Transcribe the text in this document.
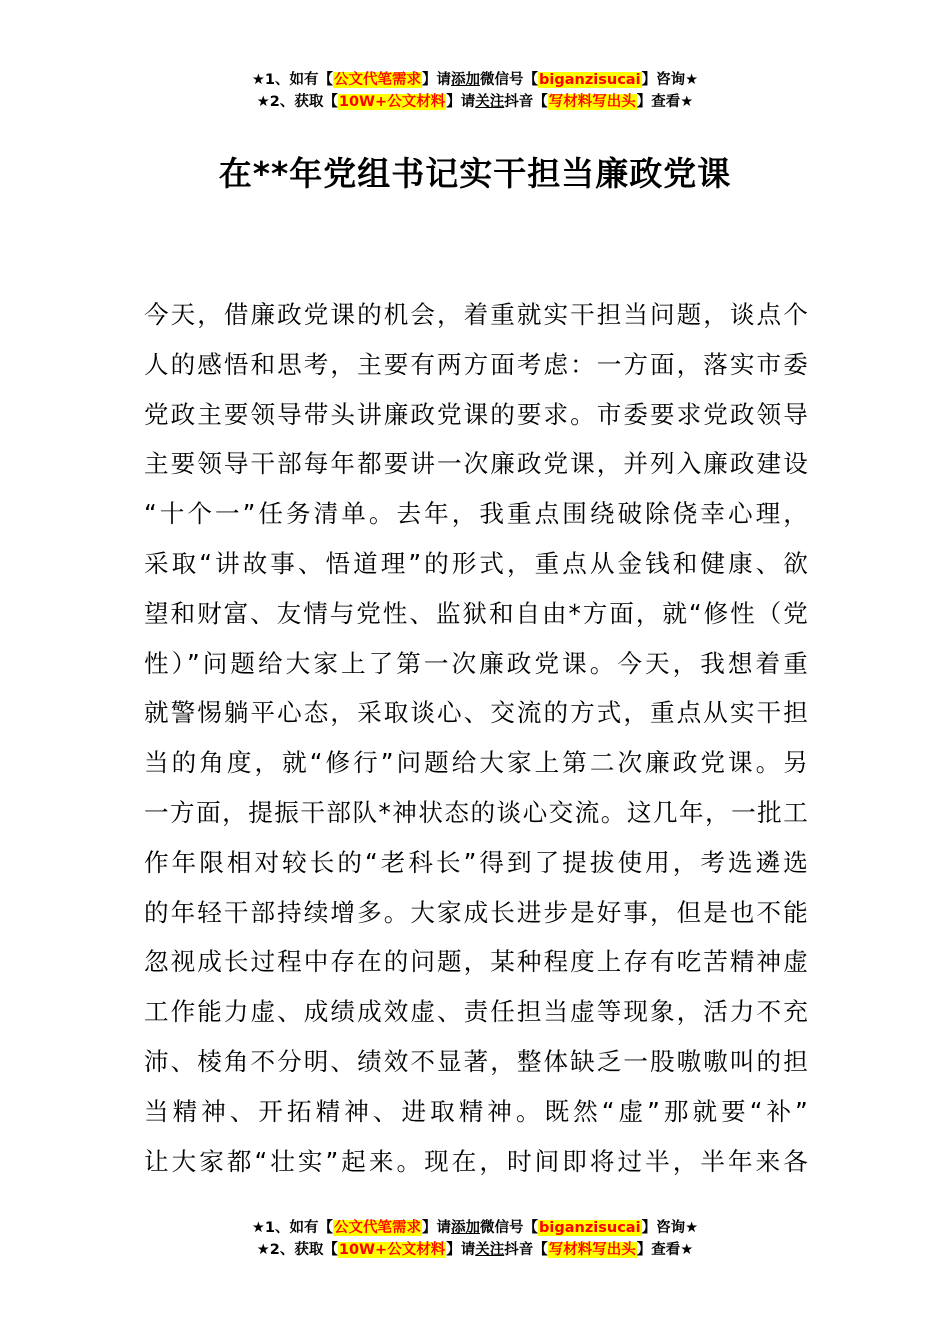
★1、如有【公文代笔需求】请添加微信号【biganzisucai】咨询★
★2、获取【10W+公文材料】请关注抖音【写材料写出头】查看★
在**年党组书记实干担当廉政党课
今天，借廉政党课的机会，着重就实干担当问题，谈点个
人的感悟和思考，主要有两方面考虑：一方面，落实市委
党政主要领导带头讲廉政党课的要求。市委要求党政领导
主要领导干部每年都要讲一次廉政党课，并列入廉政建设
“十个一”任务清单。去年，我重点围绕破除侥幸心理，
采取“讲故事、悟道理”的形式，重点从金钱和健康、欲
望和财富、友情与党性、监狱和自由*方面，就“修性（党
性）”问题给大家上了第一次廉政党课。今天，我想着重
就警惕躺平心态，采取谈心、交流的方式，重点从实干担
当的角度，就“修行”问题给大家上第二次廉政党课。另
一方面，提振干部队*神状态的谈心交流。这几年，一批工
作年限相对较长的“老科长”得到了提拔使用，考选遴选
的年轻干部持续增多。大家成长进步是好事，但是也不能
忽视成长过程中存在的问题，某种程度上存有吃苦精神虚
工作能力虚、成绩成效虚、责任担当虚等现象，活力不充
沛、棱角不分明、绩效不显著，整体缺乏一股嗷嗷叫的担
当精神、开拓精神、进取精神。既然“虚”那就要“补”
让大家都“壮实”起来。现在，时间即将过半，半年来各
★1、如有【公文代笔需求】请添加微信号【biganzisucai】咨询★
★2、获取【10W+公文材料】请关注抖音【写材料写出头】查看★
